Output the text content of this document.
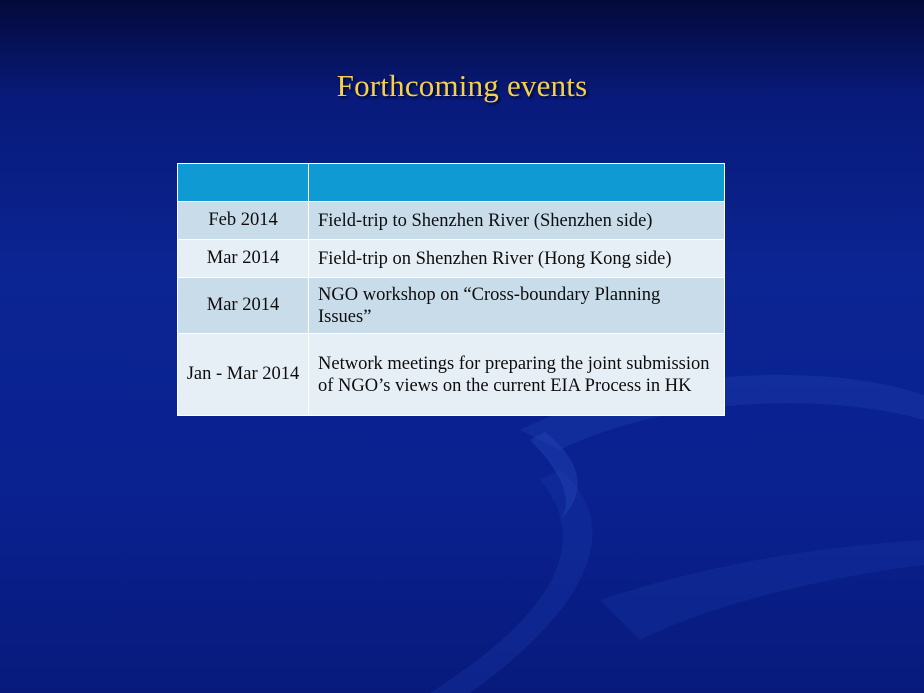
Forthcoming events

Feb 2014	Field-trip to Shenzhen River (Shenzhen side)
Mar 2014	Field-trip on Shenzhen River (Hong Kong side)
Mar 2014	NGO workshop on “Cross-boundary Planning Issues”
Jan - Mar 2014	Network meetings for preparing the joint submission of NGO’s views on the current EIA Process in HK
